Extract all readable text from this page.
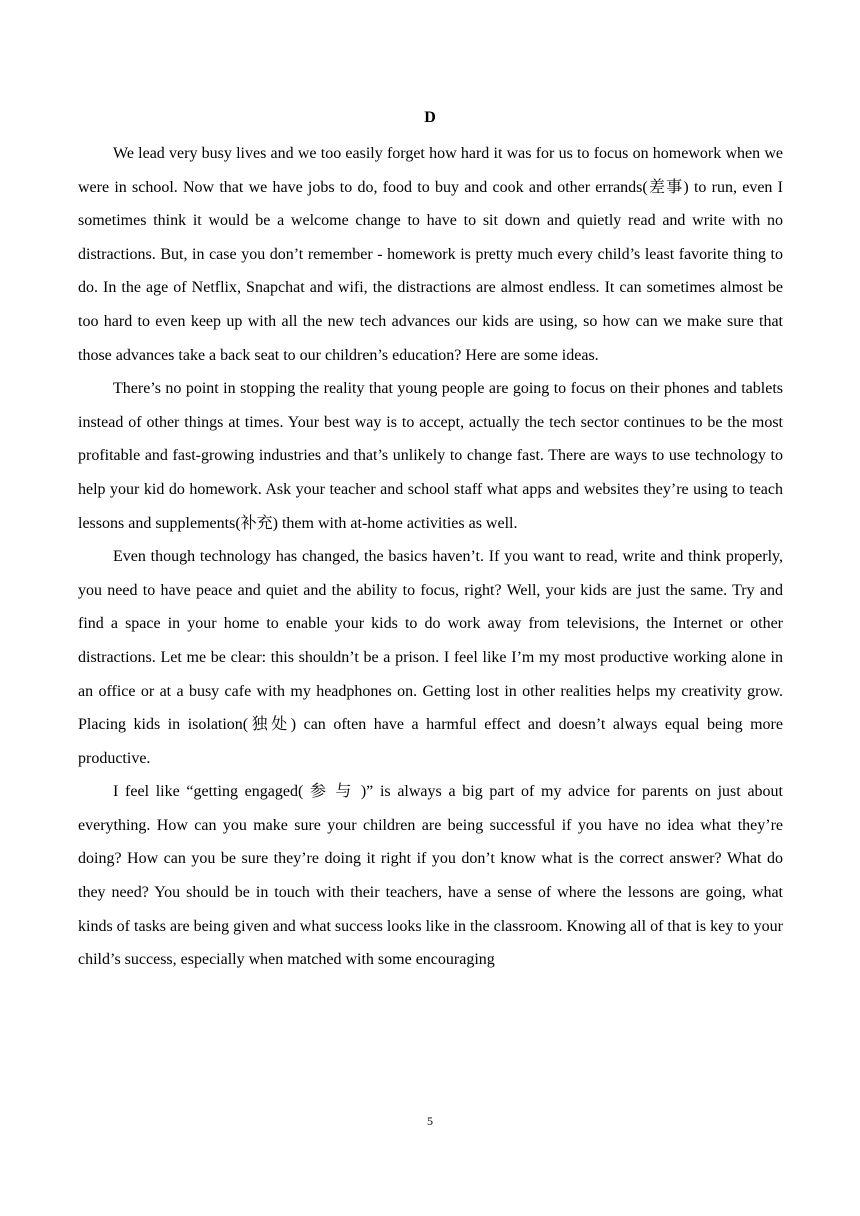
D

We lead very busy lives and we too easily forget how hard it was for us to focus on homework when we were in school. Now that we have jobs to do, food to buy and cook and other errands(差事) to run, even I sometimes think it would be a welcome change to have to sit down and quietly read and write with no distractions. But, in case you don’t remember - homework is pretty much every child’s least favorite thing to do. In the age of Netflix, Snapchat and wifi, the distractions are almost endless. It can sometimes almost be too hard to even keep up with all the new tech advances our kids are using, so how can we make sure that those advances take a back seat to our children’s education? Here are some ideas.

There’s no point in stopping the reality that young people are going to focus on their phones and tablets instead of other things at times. Your best way is to accept, actually the tech sector continues to be the most profitable and fast-growing industries and that’s unlikely to change fast. There are ways to use technology to help your kid do homework. Ask your teacher and school staff what apps and websites they’re using to teach lessons and supplements(补充) them with at-home activities as well.

Even though technology has changed, the basics haven’t. If you want to read, write and think properly, you need to have peace and quiet and the ability to focus, right? Well, your kids are just the same. Try and find a space in your home to enable your kids to do work away from televisions, the Internet or other distractions. Let me be clear: this shouldn’t be a prison. I feel like I’m my most productive working alone in an office or at a busy cafe with my headphones on. Getting lost in other realities helps my creativity grow. Placing kids in isolation(独处) can often have a harmful effect and doesn’t always equal being more productive.

I feel like “getting engaged( 参 与 )” is always a big part of my advice for parents on just about everything. How can you make sure your children are being successful if you have no idea what they’re doing? How can you be sure they’re doing it right if you don’t know what is the correct answer? What do they need? You should be in touch with their teachers, have a sense of where the lessons are going, what kinds of tasks are being given and what success looks like in the classroom. Knowing all of that is key to your child’s success, especially when matched with some encouraging

5
